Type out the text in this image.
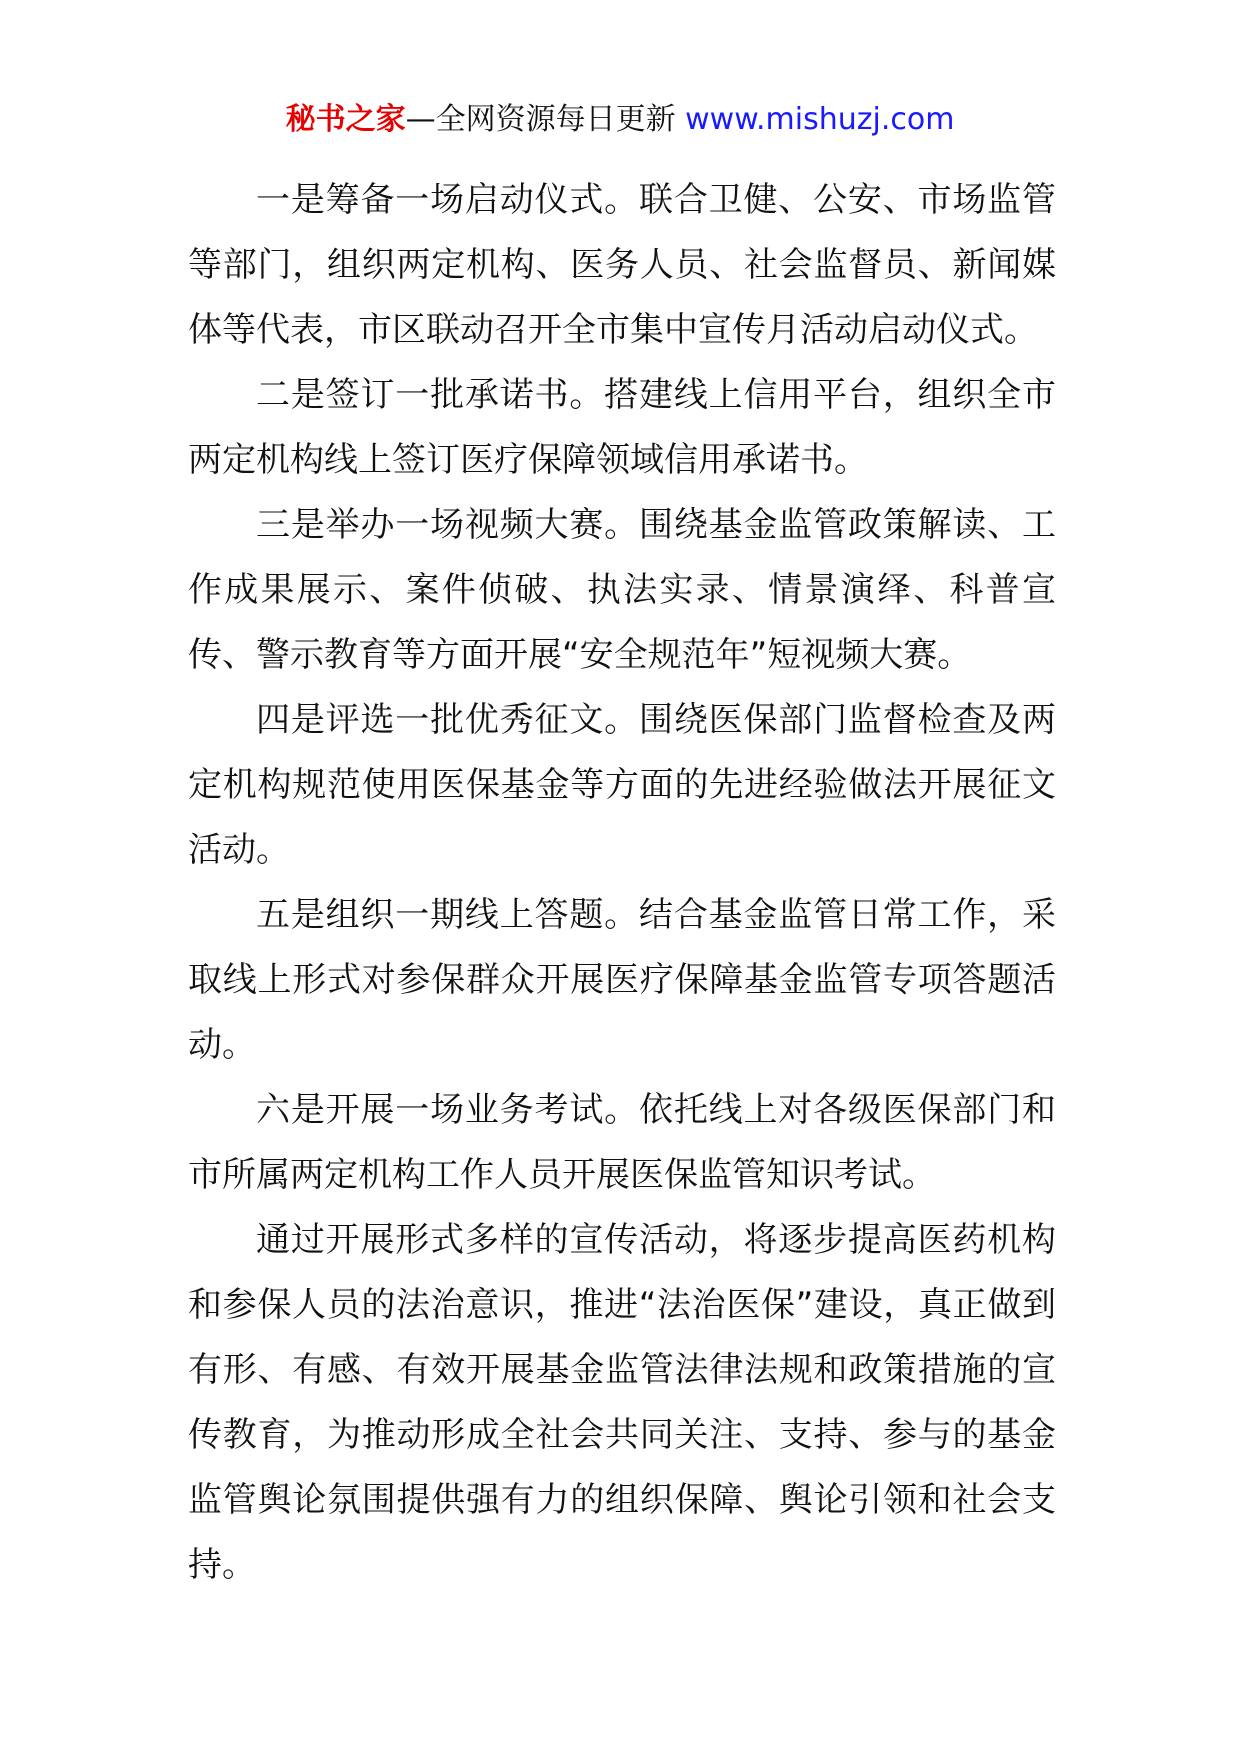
秘书之家—全网资源每日更新 www.mishuzj.com

一是筹备一场启动仪式。联合卫健、公安、市场监管等部门，组织两定机构、医务人员、社会监督员、新闻媒体等代表，市区联动召开全市集中宣传月活动启动仪式。

二是签订一批承诺书。搭建线上信用平台，组织全市两定机构线上签订医疗保障领域信用承诺书。

三是举办一场视频大赛。围绕基金监管政策解读、工作成果展示、案件侦破、执法实录、情景演绎、科普宣传、警示教育等方面开展“安全规范年”短视频大赛。

四是评选一批优秀征文。围绕医保部门监督检查及两定机构规范使用医保基金等方面的先进经验做法开展征文活动。

五是组织一期线上答题。结合基金监管日常工作，采取线上形式对参保群众开展医疗保障基金监管专项答题活动。

六是开展一场业务考试。依托线上对各级医保部门和市所属两定机构工作人员开展医保监管知识考试。

通过开展形式多样的宣传活动，将逐步提高医药机构和参保人员的法治意识，推进“法治医保”建设，真正做到有形、有感、有效开展基金监管法律法规和政策措施的宣传教育，为推动形成全社会共同关注、支持、参与的基金监管舆论氛围提供强有力的组织保障、舆论引领和社会支持。
